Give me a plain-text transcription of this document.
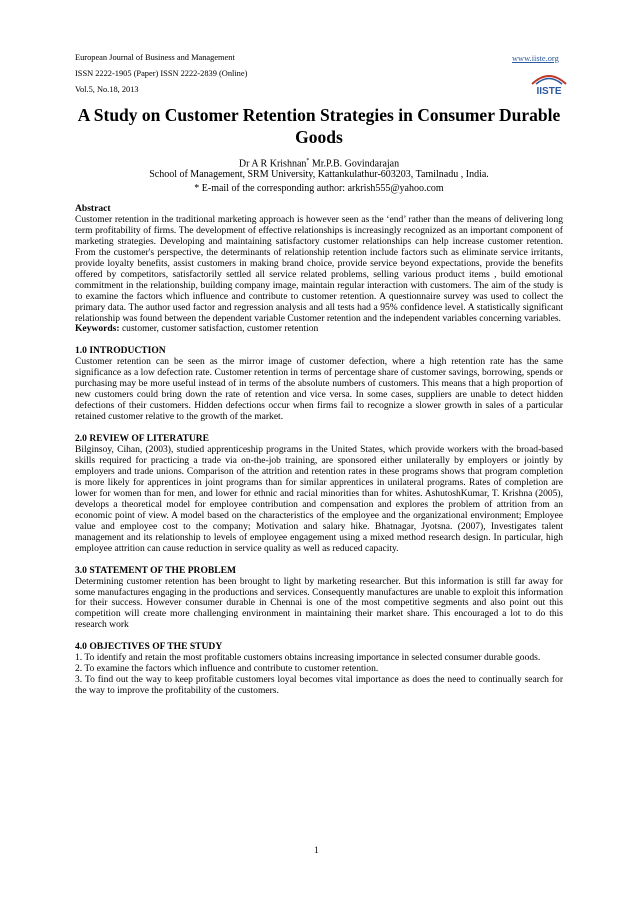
European Journal of Business and Management
ISSN 2222-1905 (Paper) ISSN 2222-2839 (Online)
Vol.5, No.18, 2013
www.iiste.org
IISTE
A Study on Customer Retention Strategies in Consumer Durable Goods
Dr A R Krishnan* Mr.P.B. Govindarajan
School of Management, SRM University, Kattankulathur-603203, Tamilnadu , India.
* E-mail of the corresponding author: arkrish555@yahoo.com

Abstract

Customer retention in the traditional marketing approach is however seen as the ‘end’ rather than the means of delivering long term profitability of firms. The development of effective relationships is increasingly recognized as an important component of marketing strategies. Developing and maintaining satisfactory customer relationships can help increase customer retention. From the customer's perspective, the determinants of relationship retention include factors such as eliminate service irritants, provide loyalty benefits, assist customers in making brand choice, provide service beyond expectations, provide the benefits offered by competitors, satisfactorily settled all service related problems, selling various product items , build emotional commitment in the relationship, building company image, maintain regular interaction with customers. The aim of the study is to examine the factors which influence and contribute to customer retention. A questionnaire survey was used to collect the primary data. The author used factor and regression analysis and all tests had a 95% confidence level. A statistically significant relationship was found between the dependent variable Customer retention and the independent variables concerning variables.

Keywords: customer, customer satisfaction, customer retention

1.0 INTRODUCTION

Customer retention can be seen as the mirror image of customer defection, where a high retention rate has the same significance as a low defection rate. Customer retention in terms of percentage share of customer savings, borrowing, spends or purchasing may be more useful instead of in terms of the absolute numbers of customers. This means that a high proportion of new customers could bring down the rate of retention and vice versa. In some cases, suppliers are unable to detect hidden defections of their customers. Hidden defections occur when firms fail to recognize a slower growth in sales of a particular retained customer relative to the growth of the market.

2.0 REVIEW OF LITERATURE

Bilginsoy, Cihan, (2003), studied apprenticeship programs in the United States, which provide workers with the broad-based skills required for practicing a trade via on-the-job training, are sponsored either unilaterally by employers or jointly by employers and trade unions. Comparison of the attrition and retention rates in these programs shows that program completion is more likely for apprentices in joint programs than for similar apprentices in unilateral programs. Rates of completion are lower for women than for men, and lower for ethnic and racial minorities than for whites. AshutoshKumar, T. Krishna (2005), develops a theoretical model for employee contribution and compensation and explores the problem of attrition from an economic point of view. A model based on the characteristics of the employee and the organizational environment; Employee value and employee cost to the company; Motivation and salary hike. Bhatnagar, Jyotsna. (2007), Investigates talent management and its relationship to levels of employee engagement using a mixed method research design. In particular, high employee attrition can cause reduction in service quality as well as reduced capacity.

3.0 STATEMENT OF THE PROBLEM

Determining customer retention has been brought to light by marketing researcher. But this information is still far away for some manufactures engaging in the productions and services. Consequently manufactures are unable to exploit this information for their success. However consumer durable in Chennai is one of the most competitive segments and also point out this competition will create more challenging environment in maintaining their market share. This encouraged a lot to do this research work

4.0 OBJECTIVES OF THE STUDY

1. To identify and retain the most profitable customers obtains increasing importance in selected consumer durable goods.

2. To examine the factors which influence and contribute to customer retention.

3. To find out the way to keep profitable customers loyal becomes vital importance as does the need to continually search for the way to improve the profitability of the customers.

1
